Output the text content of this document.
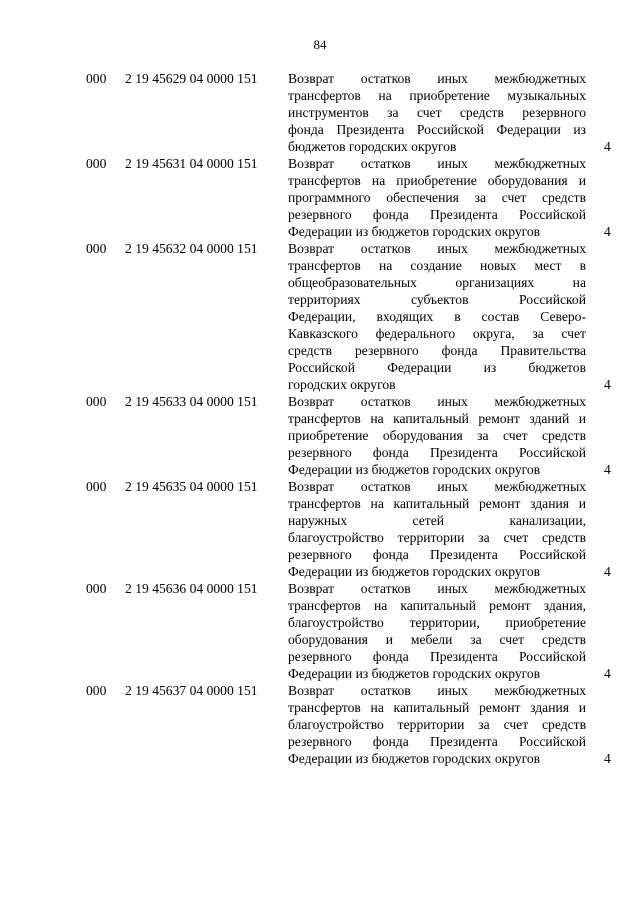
84
000 2 19 45629 04 0000 151 Возврат остатков иных межбюджетных
трансфертов на приобретение музыкальных
инструментов за счет средств резервного
фонда Президента Российской Федерации из
бюджетов городских округов	4
000 2 19 45631 04 0000 151 Возврат остатков иных межбюджетных
трансфертов на приобретение оборудования и
программного обеспечения за счет средств
резервного фонда Президента Российской
Федерации из бюджетов городских округов	4
000 2 19 45632 04 0000 151 Возврат остатков иных межбюджетных
трансфертов на создание новых мест в
общеобразовательных организациях на
территориях субъектов Российской
Федерации, входящих в состав Северо-
Кавказского федерального округа, за счет
средств резервного фонда Правительства
Российской Федерации из бюджетов
городских округов	4
000 2 19 45633 04 0000 151 Возврат остатков иных межбюджетных
трансфертов на капитальный ремонт зданий и
приобретение оборудования за счет средств
резервного фонда Президента Российской
Федерации из бюджетов городских округов	4
000 2 19 45635 04 0000 151 Возврат остатков иных межбюджетных
трансфертов на капитальный ремонт здания и
наружных сетей канализации,
благоустройство территории за счет средств
резервного фонда Президента Российской
Федерации из бюджетов городских округов	4
000 2 19 45636 04 0000 151 Возврат остатков иных межбюджетных
трансфертов на капитальный ремонт здания,
благоустройство территории, приобретение
оборудования и мебели за счет средств
резервного фонда Президента Российской
Федерации из бюджетов городских округов	4
000 2 19 45637 04 0000 151 Возврат остатков иных межбюджетных
трансфертов на капитальный ремонт здания и
благоустройство территории за счет средств
резервного фонда Президента Российской
Федерации из бюджетов городских округов	4
